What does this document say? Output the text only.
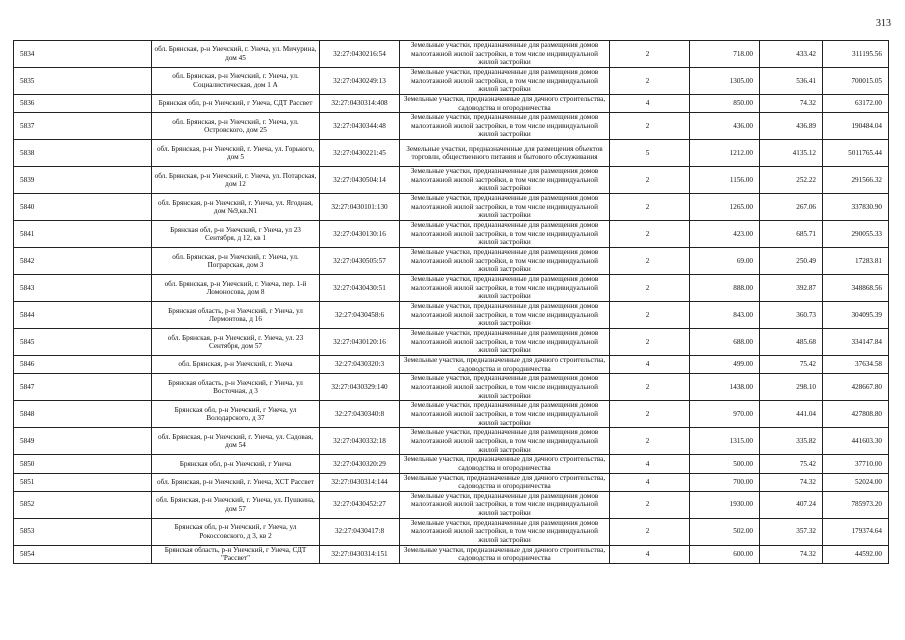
313
5834	обл. Брянская, р-н Унечский, г. Унеча, ул. Мичурина, дом 45	32:27:0430216:54	Земельные участки, предназначенные для размещения домов малоэтажной жилой застройки, в том числе индивидуальной жилой застройки	2	718.00	433.42	311195.56
5835	обл. Брянская, р-н Унечский, г. Унеча, ул. Социалистическая, дом 1 А	32:27:0430249:13	Земельные участки, предназначенные для размещения домов малоэтажной жилой застройки, в том числе индивидуальной жилой застройки	2	1305.00	536.41	700015.05
5836	Брянская обл, р-н Унечский, г Унеча, СДТ Рассвет	32:27:0430314:408	Земельные участки, предназначенные для дачного строительства, садоводства и огородничества	4	850.00	74.32	63172.00
5837	обл. Брянская, р-н Унечский, г. Унеча, ул. Островского, дом 25	32:27:0430344:48	Земельные участки, предназначенные для размещения домов малоэтажной жилой застройки, в том числе индивидуальной жилой застройки	2	436.00	436.89	190484.04
5838	обл. Брянская, р-н Унечский, г. Унеча, ул. Горького, дом 5	32:27:0430221:45	Земельные участки, предназначенные для размещения объектов торговли, общественного питания и бытового обслуживания	5	1212.00	4135.12	5011765.44
5839	обл. Брянская, р-н Унечский, г. Унеча, ул. Потарская, дом 12	32:27:0430504:14	Земельные участки, предназначенные для размещения домов малоэтажной жилой застройки, в том числе индивидуальной жилой застройки	2	1156.00	252.22	291566.32
5840	обл. Брянская, р-н Унечский, г. Унеча, ул. Ягодная, дом №9,кв.N1	32:27:0430101:130	Земельные участки, предназначенные для размещения домов малоэтажной жилой застройки, в том числе индивидуальной жилой застройки	2	1265.00	267.06	337830.90
5841	Брянская обл, р-н Унечский, г Унеча, ул 23 Сентября, д 12, кв 1	32:27:0430130:16	Земельные участки, предназначенные для размещения домов малоэтажной жилой застройки, в том числе индивидуальной жилой застройки	2	423.00	685.71	290055.33
5842	обл. Брянская, р-н Унечский, г. Унеча, ул. Пограрская, дом 3	32:27:0430505:57	Земельные участки, предназначенные для размещения домов малоэтажной жилой застройки, в том числе индивидуальной жилой застройки	2	69.00	250.49	17283.81
5843	обл. Брянская, р-н Унечский, г. Унеча, пер. 1-й Ломоносова, дом 8	32:27:0430430:51	Земельные участки, предназначенные для размещения домов малоэтажной жилой застройки, в том числе индивидуальной жилой застройки	2	888.00	392.87	348868.56
5844	Брянская область, р-н Унечский, г Унеча, ул Лермонтова, д 16	32:27:0430458:6	Земельные участки, предназначенные для размещения домов малоэтажной жилой застройки, в том числе индивидуальной жилой застройки	2	843.00	360.73	304095.39
5845	обл. Брянская, р-н Унечский, г. Унеча, ул. 23 Сентября, дом 57	32:27:0430120:16	Земельные участки, предназначенные для размещения домов малоэтажной жилой застройки, в том числе индивидуальной жилой застройки	2	688.00	485.68	334147.84
5846	обл. Брянская, р-н Унечский, г. Унеча	32:27:0430320:3	Земельные участки, предназначенные для дачного строительства, садоводства и огородничества	4	499.00	75.42	37634.58
5847	Брянская область, р-н Унечский, г Унеча, ул Восточная, д 3	32:27:0430329:140	Земельные участки, предназначенные для размещения домов малоэтажной жилой застройки, в том числе индивидуальной жилой застройки	2	1438.00	298.10	428667.80
5848	Брянская обл, р-н Унечский, г Унеча, ул Володарского, д 37	32:27:0430340:8	Земельные участки, предназначенные для размещения домов малоэтажной жилой застройки, в том числе индивидуальной жилой застройки	2	970.00	441.04	427808.80
5849	обл. Брянская, р-н Унечский, г. Унеча, ул. Садовая, дом 54	32:27:0430332:18	Земельные участки, предназначенные для размещения домов малоэтажной жилой застройки, в том числе индивидуальной жилой застройки	2	1315.00	335.82	441603.30
5850	Брянская обл, р-н Унечский, г Унеча	32:27:0430320:29	Земельные участки, предназначенные для дачного строительства, садоводства и огородничества	4	500.00	75.42	37710.00
5851	обл. Брянская, р-н Унечский, г. Унеча, ХСТ Рассвет	32:27:0430314:144	Земельные участки, предназначенные для дачного строительства, садоводства и огородничества	4	700.00	74.32	52024.00
5852	обл. Брянская, р-н Унечский, г. Унеча, ул. Пушкина, дом 57	32:27:0430452:27	Земельные участки, предназначенные для размещения домов малоэтажной жилой застройки, в том числе индивидуальной жилой застройки	2	1930.00	407.24	785973.20
5853	Брянская обл, р-н Унечский, г Унеча, ул Рокоссовского, д 3, кв 2	32:27:0430417:8	Земельные участки, предназначенные для размещения домов малоэтажной жилой застройки, в том числе индивидуальной жилой застройки	2	502.00	357.32	179374.64
5854	Брянская область, р-н Унечский, г Унеча, СДТ "Рассвет"	32:27:0430314:151	Земельные участки, предназначенные для дачного строительства, садоводства и огородничества	4	600.00	74.32	44592.00
